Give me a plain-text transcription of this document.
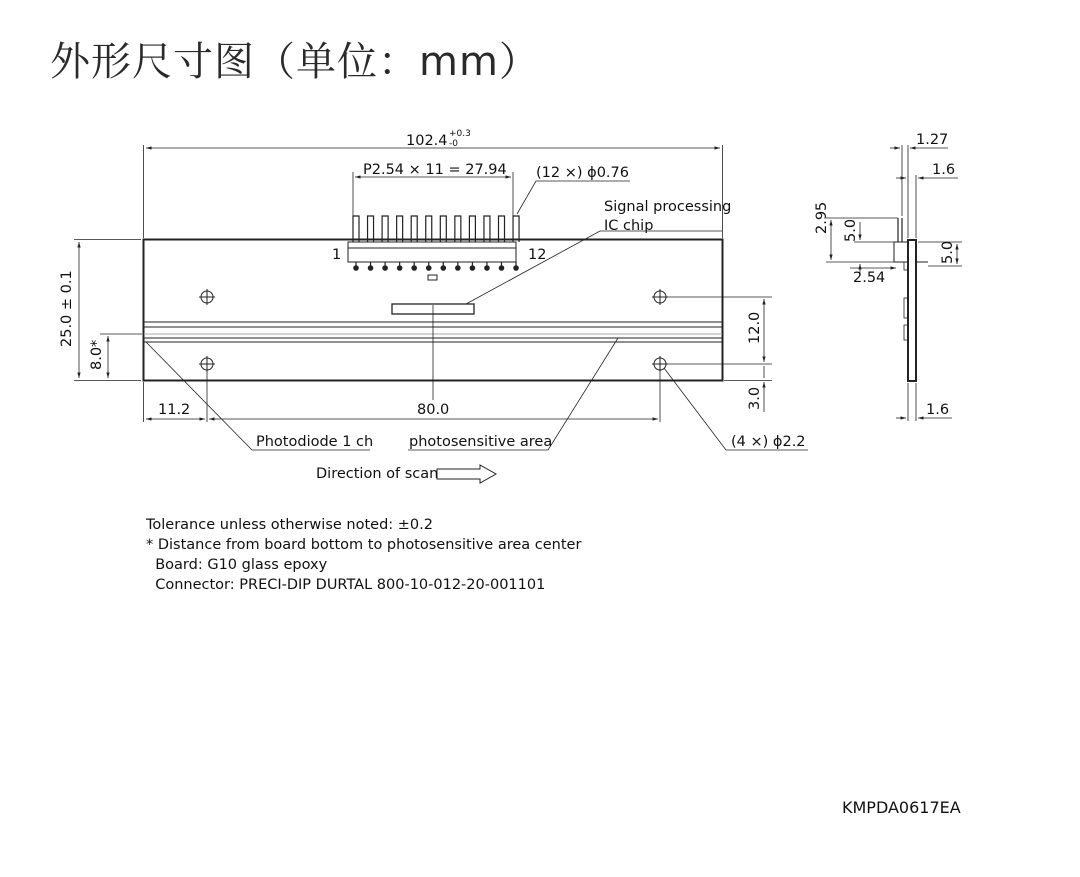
外形尺寸图（单位：mm）
102.4 +0.3
-0
P2.54 × 11 = 27.94 (12 ×) ϕ0.76
Signal processing
IC chip
1	12
25.0 ± 0.1
8.0*
12.0
3.0
11.2	80.0
Photodiode 1 ch photosensitive area	(4 ×) ϕ2.2
Direction of scan
1.27
1.6
2.95 5.0
5.0
2.54
1.6
Tolerance unless otherwise noted: ±0.2
* Distance from board bottom to photosensitive area center
Board: G10 glass epoxy
Connector: PRECI-DIP DURTAL 800-10-012-20-001101
KMPDA0617EA
